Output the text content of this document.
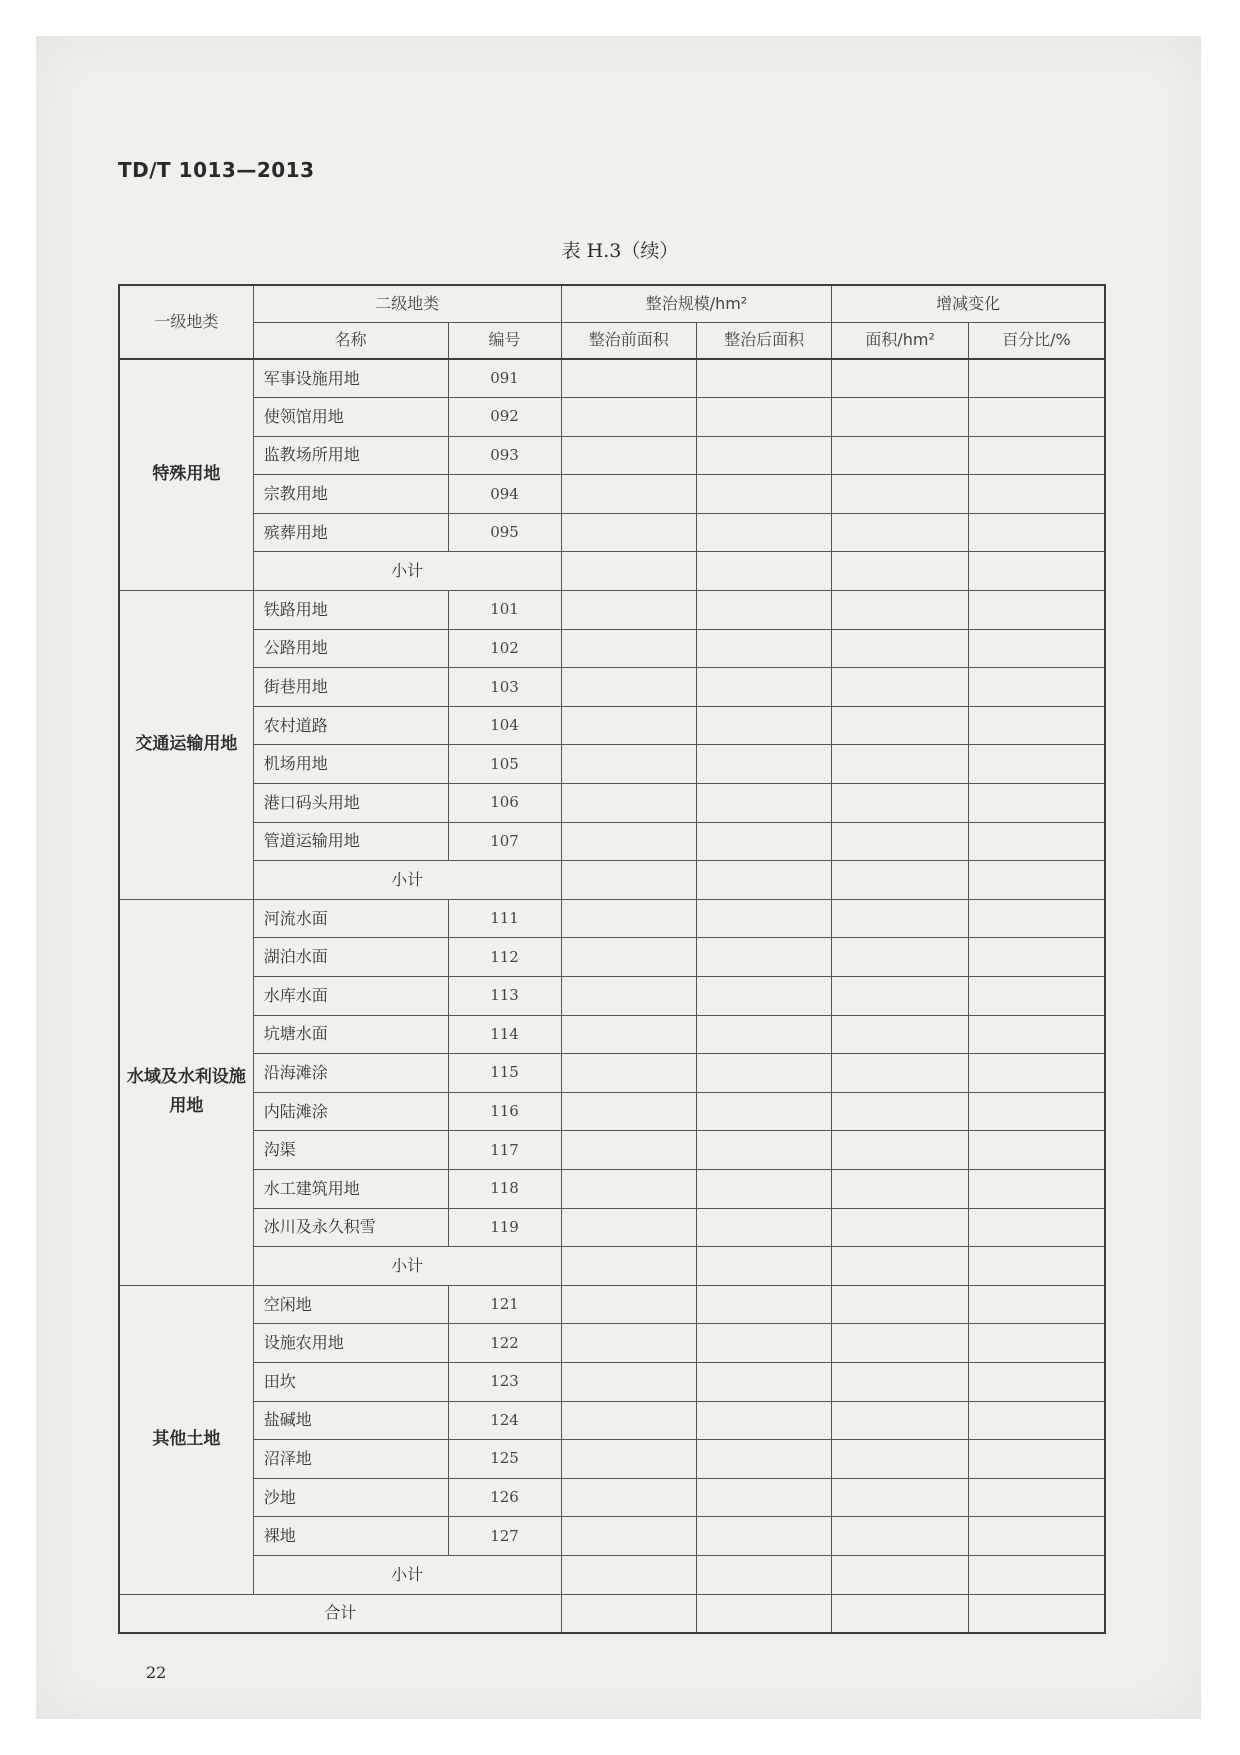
TD/T 1013—2013
表 H.3（续）
一级地类	二级地类		整治规模/hm²		增减变化	
	名称	编号	整治前面积	整治后面积	面积/hm²	百分比/%
特殊用地	军事设施用地	091				
	使领馆用地	092				
	监教场所用地	093				
	宗教用地	094				
	殡葬用地	095				
	小计					
交通运输用地	铁路用地	101				
	公路用地	102				
	街巷用地	103				
	农村道路	104				
	机场用地	105				
	港口码头用地	106				
	管道运输用地	107				
	小计					
水域及水利设施用地	河流水面	111				
	湖泊水面	112				
	水库水面	113				
	坑塘水面	114				
	沿海滩涂	115				
	内陆滩涂	116				
	沟渠	117				
	水工建筑用地	118				
	冰川及永久积雪	119				
	小计					
其他土地	空闲地	121				
	设施农用地	122				
	田坎	123				
	盐碱地	124				
	沼泽地	125				
	沙地	126				
	裸地	127				
	小计					
合计						
22
